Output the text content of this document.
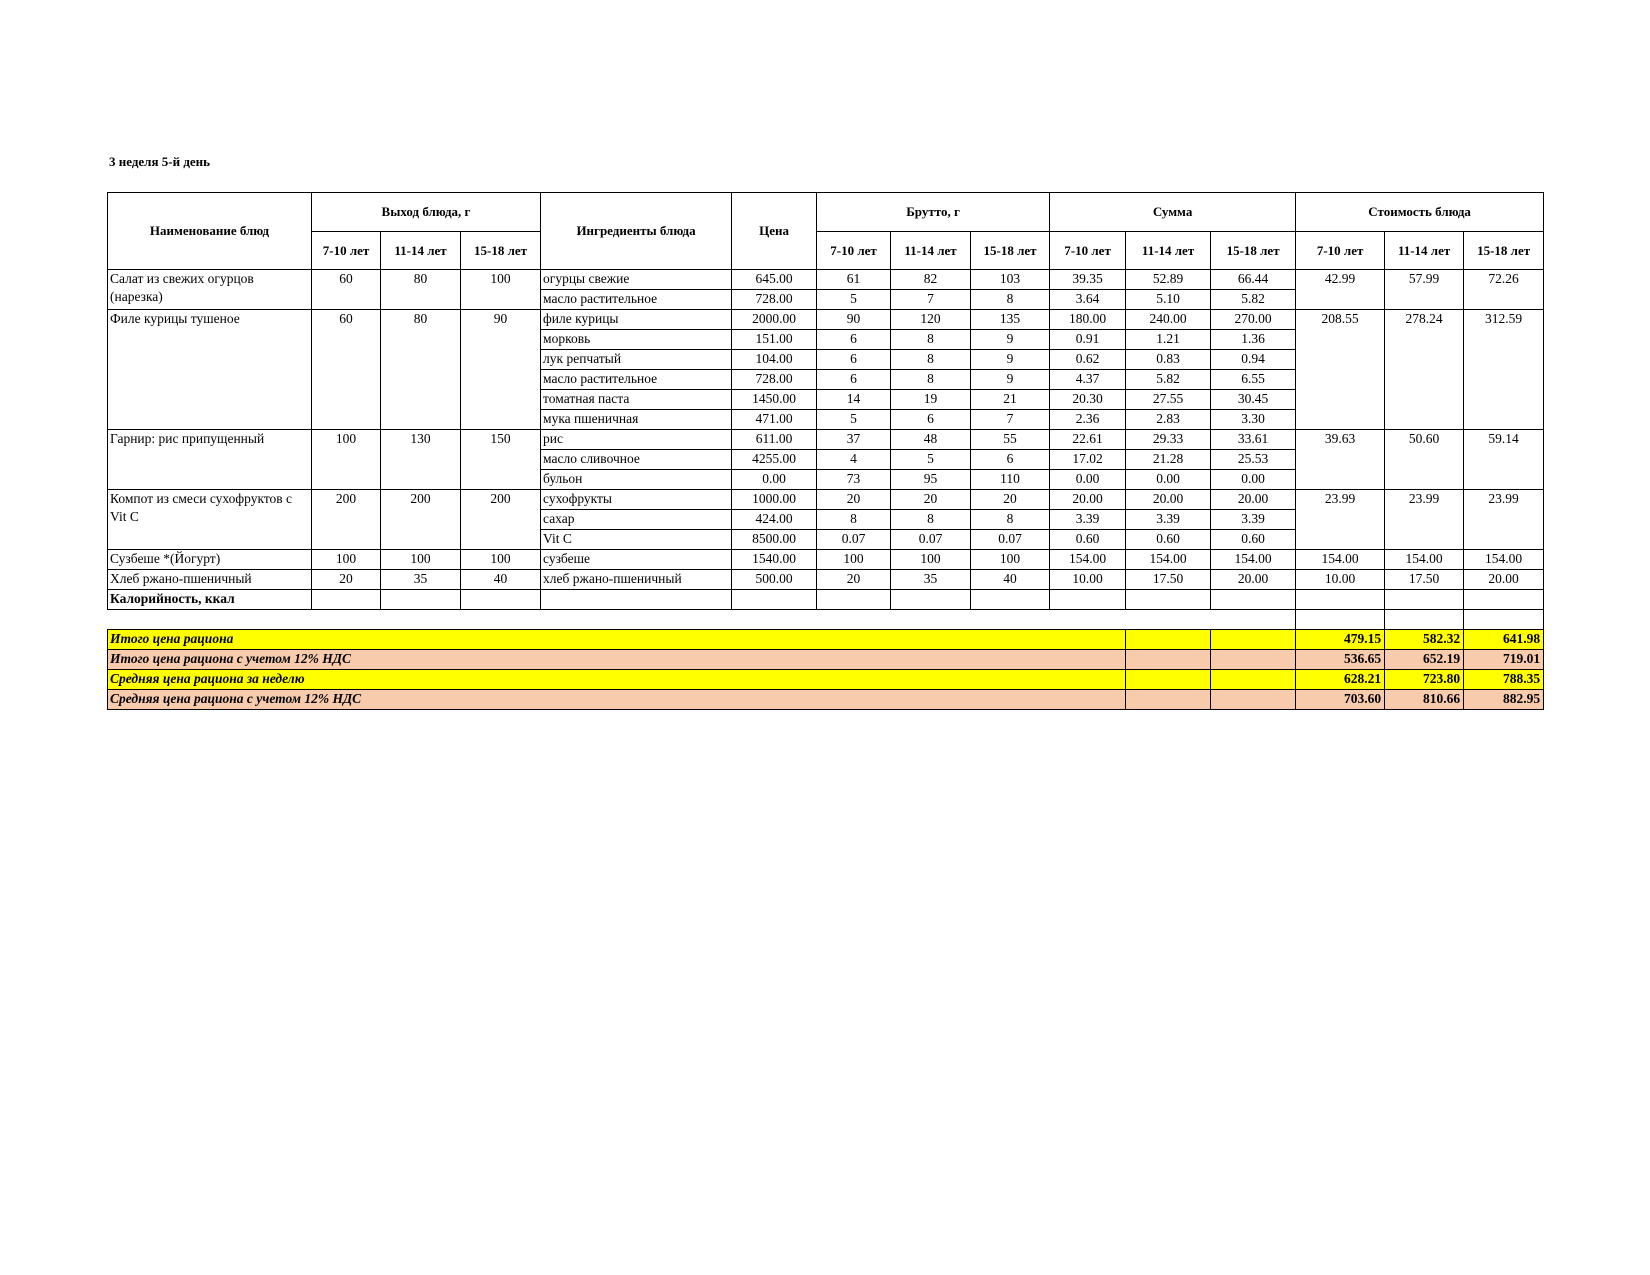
3 неделя 5-й день
Наименование блюд	Выход блюда, г			Ингредиенты блюда	Цена	Брутто, г			Сумма			Стоимость блюда		
	7-10 лет	11-14 лет	15-18 лет			7-10 лет	11-14 лет	15-18 лет	7-10 лет	11-14 лет	15-18 лет	7-10 лет	11-14 лет	15-18 лет
Салат из свежих огурцов (нарезка)	60	80	100	огурцы свежие	645.00	61	82	103	39.35	52.89	66.44	42.99	57.99	72.26
				масло растительное	728.00	5	7	8	3.64	5.10	5.82			
Филе курицы тушеное	60	80	90	филе курицы	2000.00	90	120	135	180.00	240.00	270.00	208.55	278.24	312.59
				морковь	151.00	6	8	9	0.91	1.21	1.36			
				лук репчатый	104.00	6	8	9	0.62	0.83	0.94			
				масло растительное	728.00	6	8	9	4.37	5.82	6.55			
				томатная паста	1450.00	14	19	21	20.30	27.55	30.45			
				мука пшеничная	471.00	5	6	7	2.36	2.83	3.30			
Гарнир: рис припущенный	100	130	150	рис	611.00	37	48	55	22.61	29.33	33.61	39.63	50.60	59.14
				масло сливочное	4255.00	4	5	6	17.02	21.28	25.53			
				бульон	0.00	73	95	110	0.00	0.00	0.00			
Компот из смеси сухофруктов с Vit C	200	200	200	сухофрукты	1000.00	20	20	20	20.00	20.00	20.00	23.99	23.99	23.99
				сахар	424.00	8	8	8	3.39	3.39	3.39			
				Vit C	8500.00	0.07	0.07	0.07	0.60	0.60	0.60			
Сузбеше *(Йогурт)	100	100	100	сузбеше	1540.00	100	100	100	154.00	154.00	154.00	154.00	154.00	154.00
Хлеб ржано-пшеничный	20	35	40	хлеб ржано-пшеничный	500.00	20	35	40	10.00	17.50	20.00	10.00	17.50	20.00
Калорийность, ккал														

Итого цена рациона												479.15	582.32	641.98
Итого цена рациона с учетом 12% НДС												536.65	652.19	719.01
Средняя цена рациона за неделю												628.21	723.80	788.35
Средняя цена рациона с учетом 12% НДС												703.60	810.66	882.95
